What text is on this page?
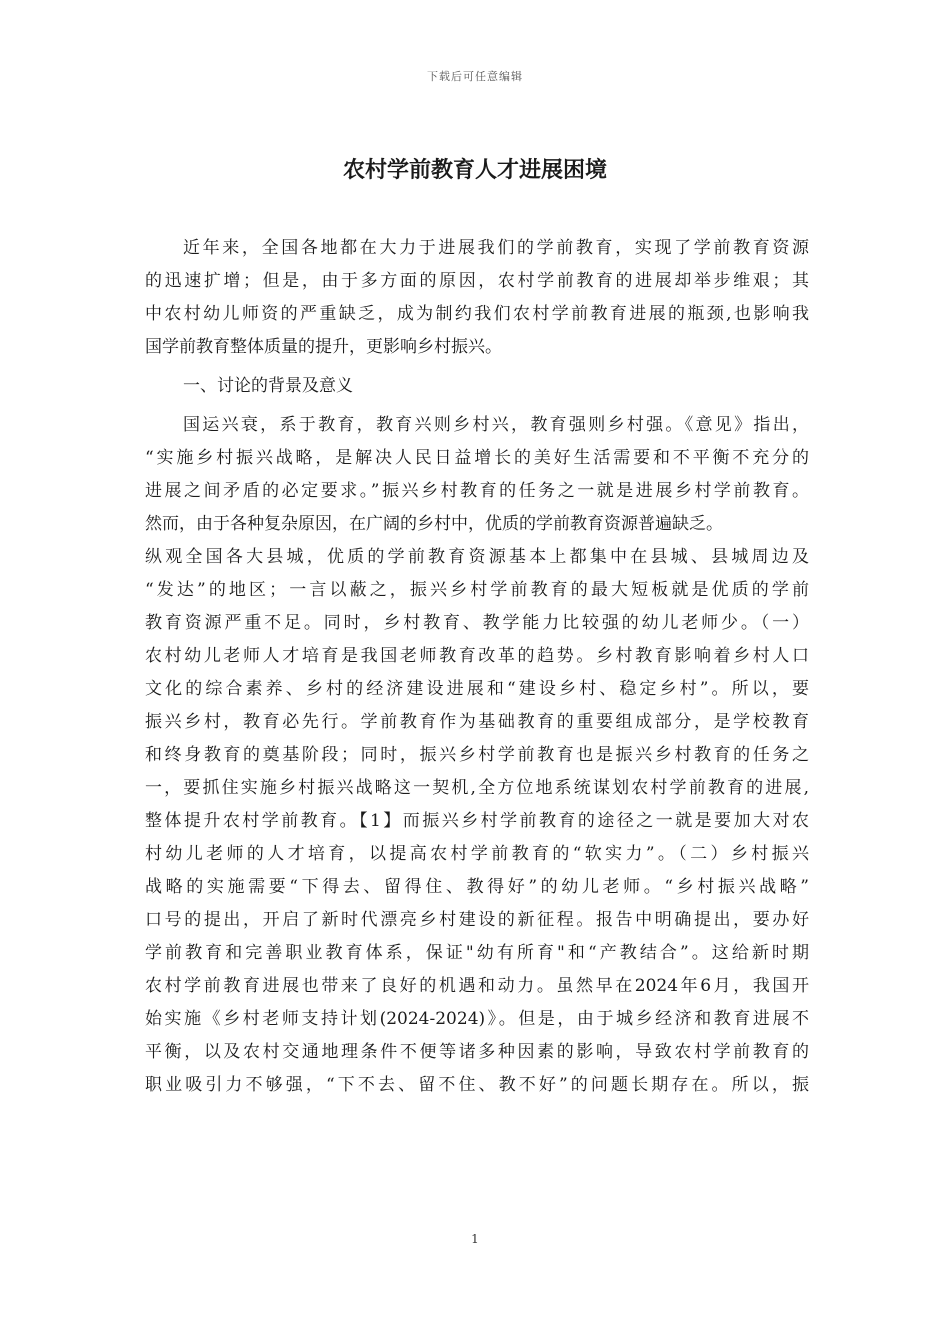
下载后可任意编辑
农村学前教育人才进展困境
近年来，全国各地都在大力于进展我们的学前教育，实现了学前教育资源
的迅速扩增；但是，由于多方面的原因，农村学前教育的进展却举步维艰；其
中农村幼儿师资的严重缺乏，成为制约我们农村学前教育进展的瓶颈,也影响我
国学前教育整体质量的提升，更影响乡村振兴。
一、讨论的背景及意义
国运兴衰，系于教育，教育兴则乡村兴，教育强则乡村强。《意见》指出，
“实施乡村振兴战略，是解决人民日益增长的美好生活需要和不平衡不充分的
进展之间矛盾的必定要求。”振兴乡村教育的任务之一就是进展乡村学前教育。
然而，由于各种复杂原因，在广阔的乡村中，优质的学前教育资源普遍缺乏。
纵观全国各大县城，优质的学前教育资源基本上都集中在县城、县城周边及
“发达”的地区；一言以蔽之，振兴乡村学前教育的最大短板就是优质的学前
教育资源严重不足。同时，乡村教育、教学能力比较强的幼儿老师少。（一）
农村幼儿老师人才培育是我国老师教育改革的趋势。乡村教育影响着乡村人口
文化的综合素养、乡村的经济建设进展和“建设乡村、稳定乡村”。所以，要
振兴乡村，教育必先行。学前教育作为基础教育的重要组成部分，是学校教育
和终身教育的奠基阶段；同时，振兴乡村学前教育也是振兴乡村教育的任务之
一，要抓住实施乡村振兴战略这一契机,全方位地系统谋划农村学前教育的进展,
整体提升农村学前教育。【1】而振兴乡村学前教育的途径之一就是要加大对农
村幼儿老师的人才培育，以提高农村学前教育的“软实力”。（二）乡村振兴
战略的实施需要“下得去、留得住、教得好”的幼儿老师。“乡村振兴战略”
口号的提出，开启了新时代漂亮乡村建设的新征程。报告中明确提出，要办好
学前教育和完善职业教育体系，保证"幼有所育"和“产教结合”。这给新时期
农村学前教育进展也带来了良好的机遇和动力。虽然早在2024年6月，我国开
始实施《乡村老师支持计划(2024-2024)》。但是，由于城乡经济和教育进展不
平衡，以及农村交通地理条件不便等诸多种因素的影响，导致农村学前教育的
职业吸引力不够强，“下不去、留不住、教不好”的问题长期存在。所以，振
1
